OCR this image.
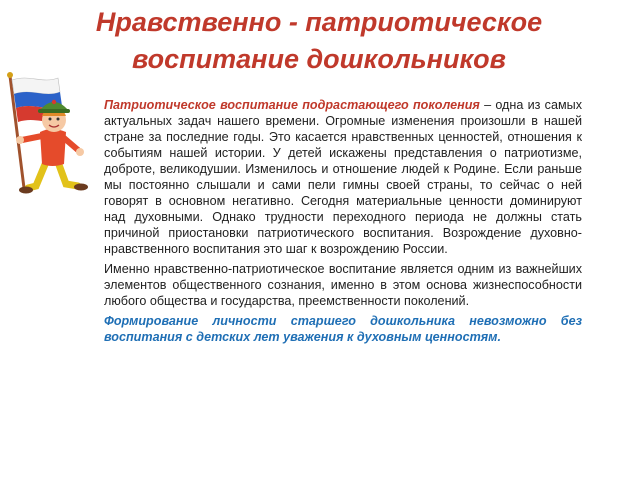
Нравственно - патриотическое
воспитание дошкольников

Патриотическое воспитание подрастающего поколения – одна из самых актуальных задач нашего времени. Огромные изменения произошли в нашей стране за последние годы. Это касается нравственных ценностей, отношения к событиям нашей истории. У детей искажены представления о патриотизме, доброте, великодушии. Изменилось и отношение людей к Родине. Если раньше мы постоянно слышали и сами пели гимны своей страны, то сейчас о ней говорят в основном негативно. Сегодня материальные ценности доминируют над духовными. Однако трудности переходного периода не должны стать причиной приостановки патриотического воспитания. Возрождение духовно-нравственного воспитания это шаг к возрождению России.

Именно нравственно-патриотическое воспитание является одним из важнейших элементов общественного сознания, именно в этом основа жизнеспособности любого общества и государства, преемственности поколений.

Формирование личности старшего дошкольника невозможно без воспитания с детских лет уважения к духовным ценностям.
